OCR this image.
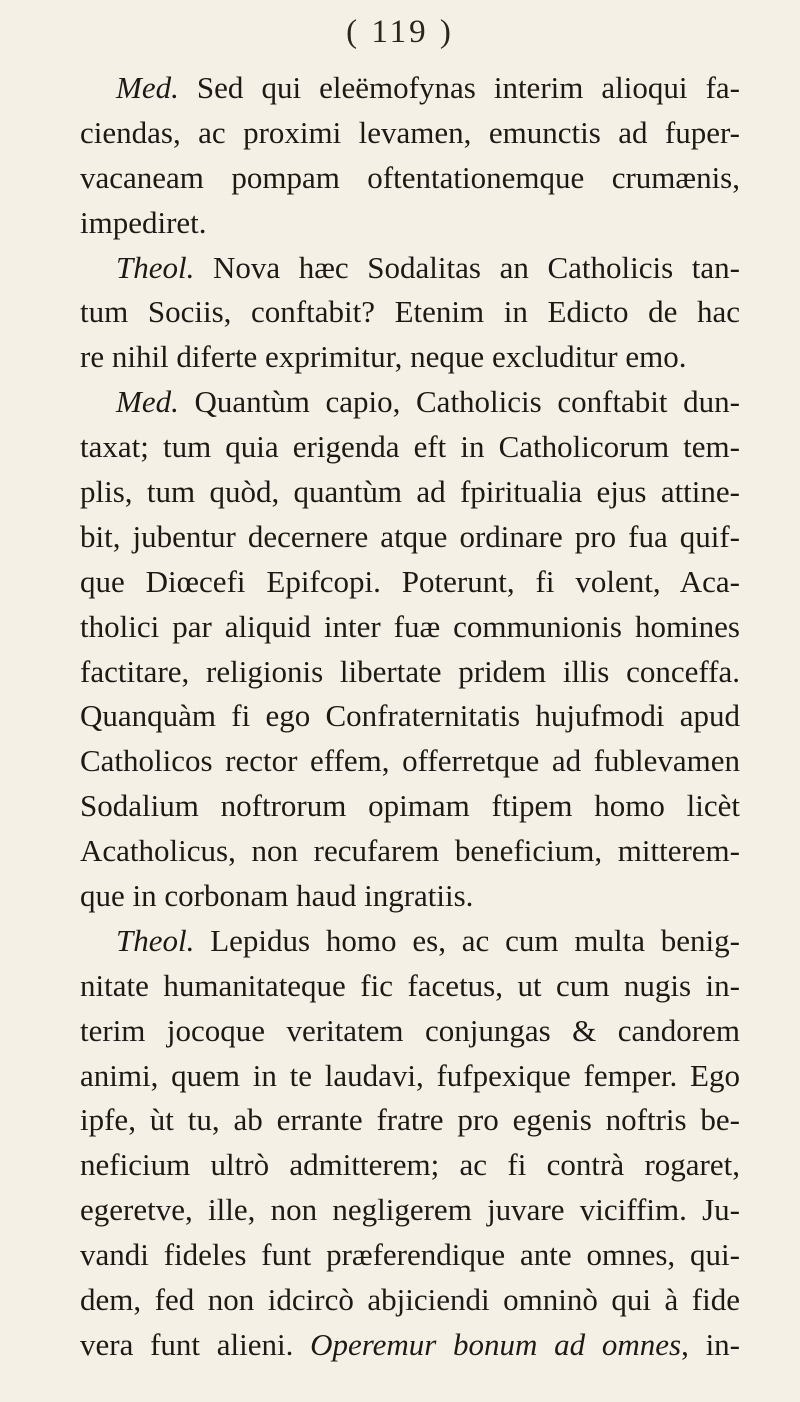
( 119 )
Med. Sed qui eleëmofynas interim alioqui fa-
ciendas, ac proximi levamen, emunctis ad fuper-
vacaneam pompam oftentationemque crumænis,
impediret.
Theol. Nova hæc Sodalitas an Catholicis tan-
tum Sociis, conftabit? Etenim in Edicto de hac
re nihil diferte exprimitur, neque excluditur emo.
Med. Quantùm capio, Catholicis conftabit dun-
taxat; tum quia erigenda eft in Catholicorum tem-
plis, tum quòd, quantùm ad fpiritualia ejus attine-
bit, jubentur decernere atque ordinare pro fua quif-
que Diœcefi Epifcopi. Poterunt, fi volent, Aca-
tholici par aliquid inter fuæ communionis homines
factitare, religionis libertate pridem illis conceffa.
Quanquàm fi ego Confraternitatis hujufmodi apud
Catholicos rector effem, offerretque ad fublevamen
Sodalium noftrorum opimam ftipem homo licèt
Acatholicus, non recufarem beneficium, mitterem-
que in corbonam haud ingratiis.
Theol. Lepidus homo es, ac cum multa benig-
nitate humanitateque fic facetus, ut cum nugis in-
terim jocoque veritatem conjungas & candorem
animi, quem in te laudavi, fufpexique femper. Ego
ipfe, ùt tu, ab errante fratre pro egenis noftris be-
neficium ultrò admitterem; ac fi contrà rogaret,
egeretve, ille, non negligerem juvare viciffim. Ju-
vandi fideles funt præferendique ante omnes, qui-
dem, fed non idcircò abjiciendi omninò qui à fide
vera funt alieni. Operemur bonum ad omnes, in-
